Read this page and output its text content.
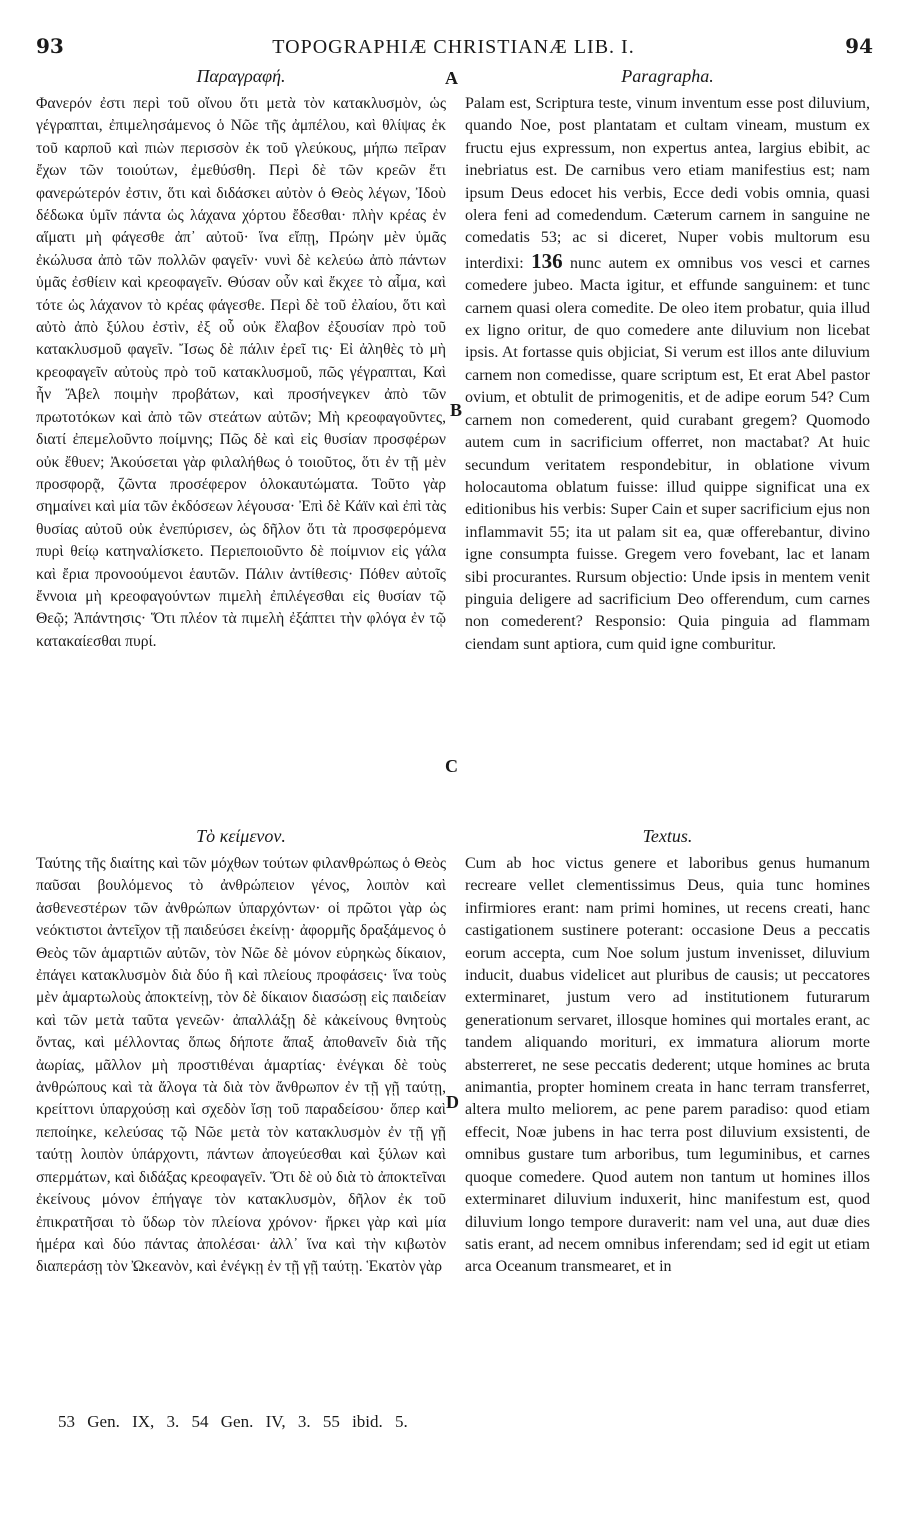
93	TOPOGRAPHIÆ CHRISTIANÆ LIB. I.	94
A
B
C
D
Παραγραφή.

Φανερόν ἐστι περὶ τοῦ οἴνου ὅτι μετὰ τὸν κατακλυσμὸν, ὡς γέγραπται, ἐπιμελησάμενος ὁ Νῶε τῆς ἀμπέλου, καὶ θλίψας ἐκ τοῦ καρποῦ καὶ πιὼν περισσὸν ἐκ τοῦ γλεύκους, μήπω πεῖραν ἔχων τῶν τοιούτων, ἐμεθύσθη. Περὶ δὲ τῶν κρεῶν ἔτι φανερώτερόν ἐστιν, ὅτι καὶ διδάσκει αὐτὸν ὁ Θεὸς λέγων, Ἰδοὺ δέδωκα ὑμῖν πάντα ὡς λάχανα χόρτου ἔδεσθαι· πλὴν κρέας ἐν αἵματι μὴ φάγεσθε ἀπ᾿ αὐτοῦ· ἵνα εἴπῃ, Πρώην μὲν ὑμᾶς ἐκώλυσα ἀπὸ τῶν πολλῶν φαγεῖν· νυνὶ δὲ κελεύω ἀπὸ πάντων ὑμᾶς ἐσθίειν καὶ κρεοφαγεῖν. Θύσαν οὖν καὶ ἔκχεε τὸ αἷμα, καὶ τότε ὡς λάχανον τὸ κρέας φάγεσθε. Περὶ δὲ τοῦ ἐλαίου, ὅτι καὶ αὐτὸ ἀπὸ ξύλου ἐστὶν, ἐξ οὗ οὐκ ἔλαβον ἐξουσίαν πρὸ τοῦ κατακλυσμοῦ φαγεῖν. Ἴσως δὲ πάλιν ἐρεῖ τις· Εἰ ἀληθὲς τὸ μὴ κρεοφαγεῖν αὐτοὺς πρὸ τοῦ κατακλυσμοῦ, πῶς γέγραπται, Καὶ ἦν Ἄβελ ποιμὴν προβάτων, καὶ προσήνεγκεν ἀπὸ τῶν πρωτοτόκων καὶ ἀπὸ τῶν στεάτων αὐτῶν; Μὴ κρεοφαγοῦντες, διατί ἐπεμελοῦντο ποίμνης; Πῶς δὲ καὶ εἰς θυσίαν προσφέρων οὐκ ἔθυεν; Ἀκούσεται γὰρ φιλαλήθως ὁ τοιοῦτος, ὅτι ἐν τῇ μὲν προσφορᾷ, ζῶντα προσέφερον ὁλοκαυτώματα. Τοῦτο γὰρ σημαίνει καὶ μία τῶν ἐκδόσεων λέγουσα· Ἐπὶ δὲ Κάϊν καὶ ἐπὶ τὰς θυσίας αὐτοῦ οὐκ ἐνεπύρισεν, ὡς δῆλον ὅτι τὰ προσφερόμενα πυρὶ θείῳ κατηναλίσκετο. Περιεποιοῦντο δὲ ποίμνιον εἰς γάλα καὶ ἔρια προνοούμενοι ἑαυτῶν. Πάλιν ἀντίθεσις· Πόθεν αὐτοῖς ἔννοια μὴ κρεοφαγούντων πιμελὴ ἐπιλέγεσθαι εἰς θυσίαν τῷ Θεῷ; Ἀπάντησις· Ὅτι πλέον τὰ πιμελὴ ἐξάπτει τὴν φλόγα ἐν τῷ κατακαίεσθαι πυρί.

Τὸ κείμενον.

Ταύτης τῆς διαίτης καὶ τῶν μόχθων τούτων φιλανθρώπως ὁ Θεὸς παῦσαι βουλόμενος τὸ ἀνθρώπειον γένος, λοιπὸν καὶ ἀσθενεστέρων τῶν ἀνθρώπων ὑπαρχόντων· οἱ πρῶτοι γὰρ ὡς νεόκτιστοι ἀντεῖχον τῇ παιδεύσει ἐκείνῃ· ἀφορμῆς δραξάμενος ὁ Θεὸς τῶν ἁμαρτιῶν αὐτῶν, τὸν Νῶε δὲ μόνον εὑρηκὼς δίκαιον, ἐπάγει κατακλυσμὸν διὰ δύο ἢ καὶ πλείους προφάσεις· ἵνα τοὺς μὲν ἁμαρτωλοὺς ἀποκτείνῃ, τὸν δὲ δίκαιον διασώσῃ εἰς παιδείαν καὶ τῶν μετὰ ταῦτα γενεῶν· ἀπαλλάξῃ δὲ κἀκείνους θνητοὺς ὄντας, καὶ μέλλοντας ὅπως δήποτε ἅπαξ ἀποθανεῖν διὰ τῆς ἀωρίας, μᾶλλον μὴ προστιθέναι ἁμαρτίας· ἐνέγκαι δὲ τοὺς ἀνθρώπους καὶ τὰ ἄλογα τὰ διὰ τὸν ἄνθρωπον ἐν τῇ γῇ ταύτῃ, κρείττονι ὑπαρχούσῃ καὶ σχεδὸν ἴσῃ τοῦ παραδείσου· ὅπερ καὶ πεποίηκε, κελεύσας τῷ Νῶε μετὰ τὸν κατακλυσμὸν ἐν τῇ γῇ ταύτῃ λοιπὸν ὑπάρχοντι, πάντων ἀπογεύεσθαι καὶ ξύλων καὶ σπερμάτων, καὶ διδάξας κρεοφαγεῖν. Ὅτι δὲ οὐ διὰ τὸ ἀποκτεῖναι ἐκείνους μόνον ἐπήγαγε τὸν κατακλυσμὸν, δῆλον ἐκ τοῦ ἐπικρατῆσαι τὸ ὕδωρ τὸν πλείονα χρόνον· ἤρκει γὰρ καὶ μία ἡμέρα καὶ δύο πάντας ἀπολέσαι· ἀλλ᾿ ἵνα καὶ τὴν κιβωτὸν διαπεράσῃ τὸν Ὠκεανὸν, καὶ ἐνέγκῃ ἐν τῇ γῇ ταύτῃ. Ἑκατὸν γὰρ

Paragrapha.

Palam est, Scriptura teste, vinum inventum esse post diluvium, quando Noe, post plantatam et cultam vineam, mustum ex fructu ejus expressum, non expertus antea, largius ebibit, ac inebriatus est. De carnibus vero etiam manifestius est; nam ipsum Deus edocet his verbis, Ecce dedi vobis omnia, quasi olera feni ad comedendum. Cæterum carnem in sanguine ne comedatis 53; ac si diceret, Nuper vobis multorum esu interdixi: 136 nunc autem ex omnibus vos vesci et carnes comedere jubeo. Macta igitur, et effunde sanguinem: et tunc carnem quasi olera comedite. De oleo item probatur, quia illud ex ligno oritur, de quo comedere ante diluvium non licebat ipsis. At fortasse quis objiciat, Si verum est illos ante diluvium carnem non comedisse, quare scriptum est, Et erat Abel pastor ovium, et obtulit de primogenitis, et de adipe eorum 54? Cum carnem non comederent, quid curabant gregem? Quomodo autem cum in sacrificium offerret, non mactabat? At huic secundum veritatem respondebitur, in oblatione vivum holocautoma oblatum fuisse: illud quippe significat una ex editionibus his verbis: Super Cain et super sacrificium ejus non inflammavit 55; ita ut palam sit ea, quæ offerebantur, divino igne consumpta fuisse. Gregem vero fovebant, lac et lanam sibi procurantes. Rursum objectio: Unde ipsis in mentem venit pinguia deligere ad sacrificium Deo offerendum, cum carnes non comederent? Responsio: Quia pinguia ad flammam ciendam sunt aptiora, cum quid igne comburitur.

Textus.

Cum ab hoc victus genere et laboribus genus humanum recreare vellet clementissimus Deus, quia tunc homines infirmiores erant: nam primi homines, ut recens creati, hanc castigationem sustinere poterant: occasione Deus a peccatis eorum accepta, cum Noe solum justum invenisset, diluvium inducit, duabus videlicet aut pluribus de causis; ut peccatores exterminaret, justum vero ad institutionem futurarum generationum servaret, illosque homines qui mortales erant, ac tandem aliquando morituri, ex immatura aliorum morte absterreret, ne sese peccatis dederent; utque homines ac bruta animantia, propter hominem creata in hanc terram transferret, altera multo meliorem, ac pene parem paradiso: quod etiam effecit, Noæ jubens in hac terra post diluvium exsistenti, de omnibus gustare tum arboribus, tum leguminibus, et carnes quoque comedere. Quod autem non tantum ut homines illos exterminaret diluvium induxerit, hinc manifestum est, quod diluvium longo tempore duraverit: nam vel una, aut duæ dies satis erant, ad necem omnibus inferendam; sed id egit ut etiam arca Oceanum transmearet, et in

53 Gen. IX, 3. 54 Gen. IV, 3. 55 ibid. 5.
